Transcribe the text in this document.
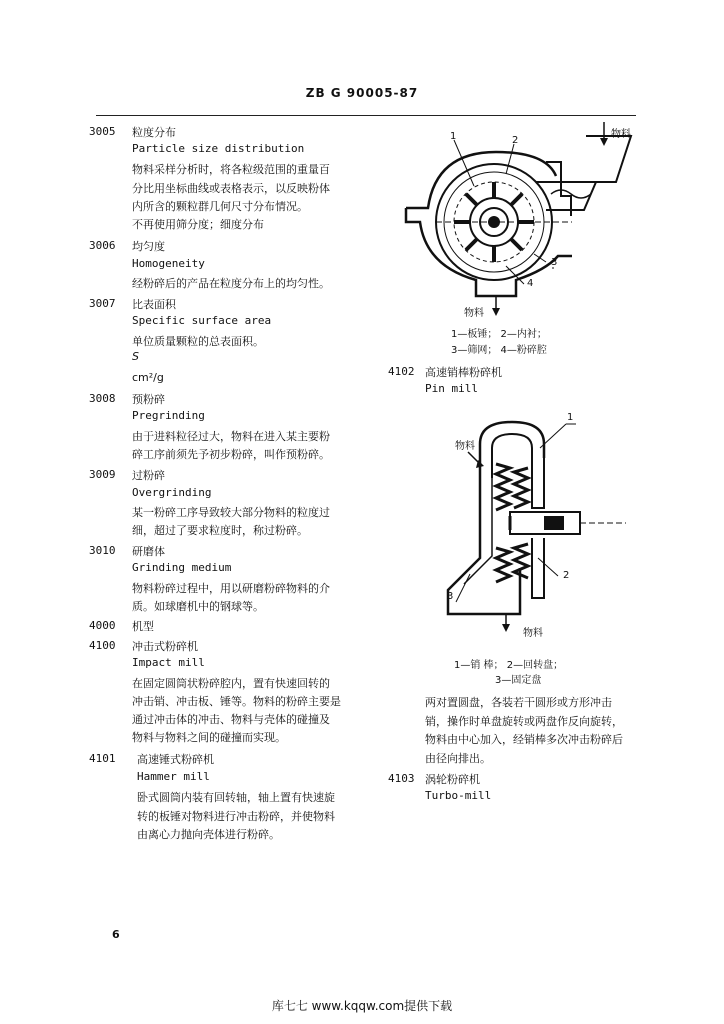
ZB G 90005-87
3005 粒度分布
Particle size distribution
物料采样分析时，将各粒级范围的重量百
分比用坐标曲线或表格表示，以反映粉体
内所含的颗粒群几何尺寸分布情况。
不再使用筛分度；细度分布
3006 均匀度
Homogeneity
经粉碎后的产品在粒度分布上的均匀性。
3007 比表面积
Specific surface area
单位质量颗粒的总表面积。
S
cm²/g
3008 预粉碎
Pregrinding
由于进料粒径过大，物料在进入某主要粉
碎工序前须先予初步粉碎，叫作预粉碎。
3009 过粉碎
Overgrinding
某一粉碎工序导致较大部分物料的粒度过
细，超过了要求粒度时，称过粉碎。
3010 研磨体
Grinding medium
物料粉碎过程中，用以研磨粉碎物料的介
质。如球磨机中的钢球等。
4000 机型
4100 冲击式粉碎机
Impact mill
在固定圆筒状粉碎腔内，置有快速回转的
冲击销、冲击板、锤等。物料的粉碎主要是
通过冲击体的冲击、物料与壳体的碰撞及
物料与物料之间的碰撞而实现。
4101 高速锤式粉碎机
Hammer mill
卧式圆筒内装有回转轴，轴上置有快速旋
转的板锤对物料进行冲击粉碎，并使物料
由离心力抛向壳体进行粉碎。
1	2
3
4
物料
物料
1—板锤； 2—内衬；
3—筛网； 4—粉碎腔
4102 高速销棒粉碎机
Pin mill
1
2
3
物料
物料
1—销 棒； 2—回转盘；
3—固定盘
两对置圆盘，各装若干圆形或方形冲击
销，操作时单盘旋转或两盘作反向旋转，
物料由中心加入，经销棒多次冲击粉碎后
由径向排出。
4103 涡轮粉碎机
Turbo-mill
6
库七七 www.kqqw.com提供下载
